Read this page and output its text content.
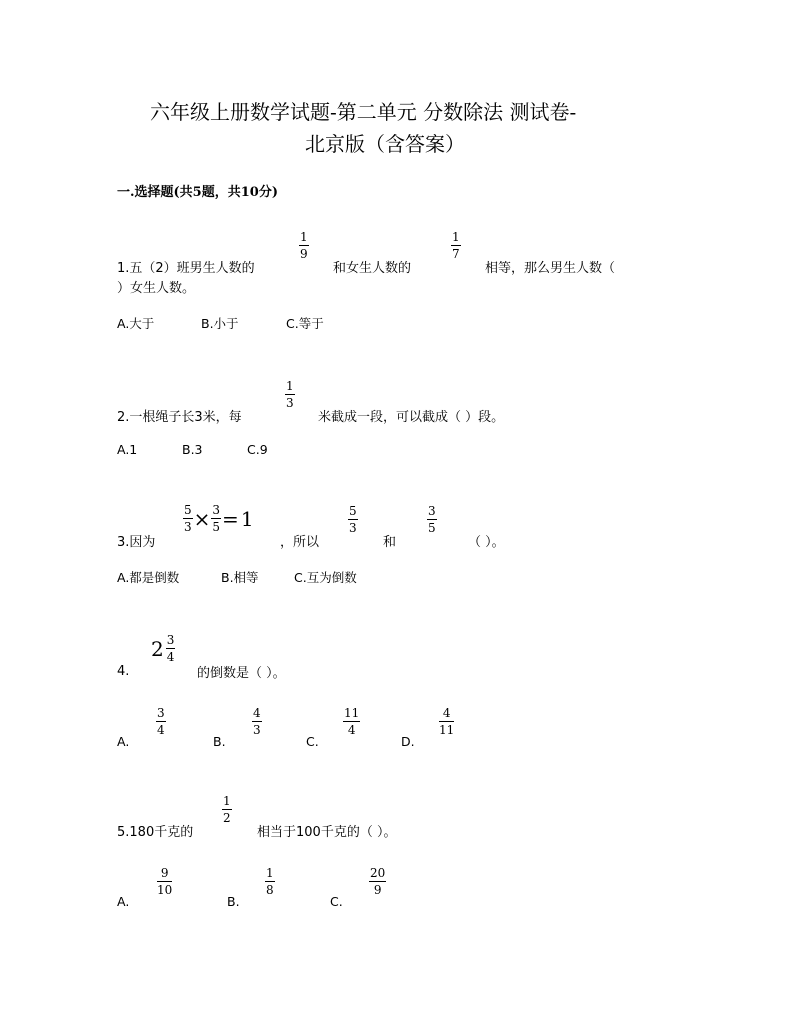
六年级上册数学试题-第二单元 分数除法 测试卷-
北京版（含答案）
一.选择题(共5题，共10分)
1.五（2）班男生人数的
1
9
和女生人数的
1
7
相等，那么男生人数（
）女生人数。
A.大于	B.小于	C.等于
2.一根绳子长3米，每
1
3
米截成一段，可以截成（ ）段。
A.1	B.3	C.9
3.因为
$\frac{5}{3} \times \frac{3}{5} = 1$
，所以
5
3
和
3
5
（ ）。
A.都是倒数	B.相等	C.互为倒数
4.
$2 \frac{3}{4}$
的倒数是（ ）。
A.
3
4
B.
4
3
C.
11
4
D.
4
11
5.180千克的
1
2
相当于100千克的（ ）。
A.
9
10
B.
1
8
C.
20
9
